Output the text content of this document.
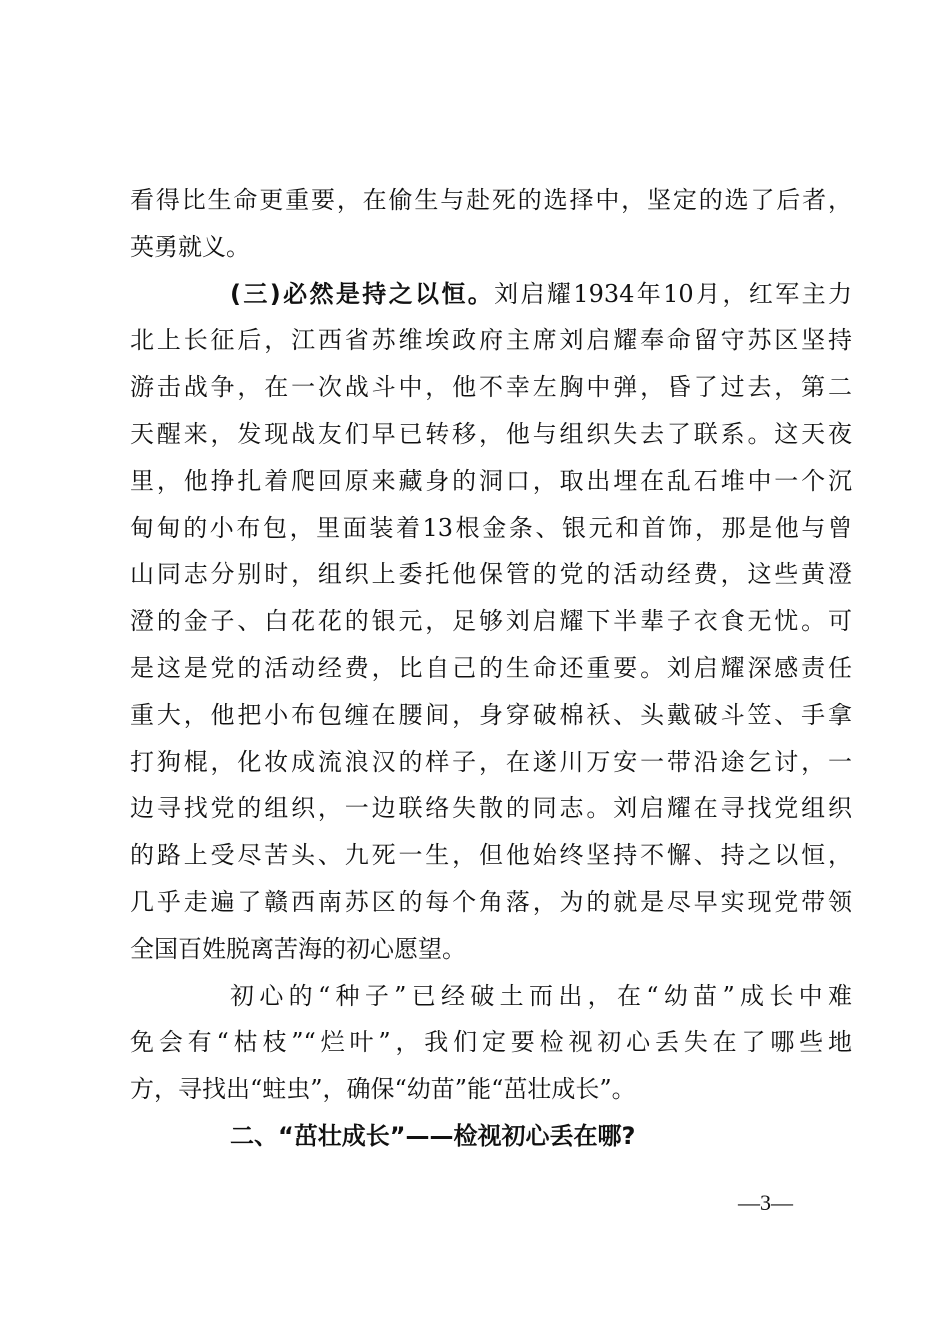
看得比生命更重要，在偷生与赴死的选择中，坚定的选了后者，
英勇就义。
(三)必然是持之以恒。刘启耀1934年10月，红军主力
北上长征后，江西省苏维埃政府主席刘启耀奉命留守苏区坚持
游击战争，在一次战斗中，他不幸左胸中弹，昏了过去，第二
天醒来，发现战友们早已转移，他与组织失去了联系。这天夜
里，他挣扎着爬回原来藏身的洞口，取出埋在乱石堆中一个沉
甸甸的小布包，里面装着13根金条、银元和首饰，那是他与曾
山同志分别时，组织上委托他保管的党的活动经费，这些黄澄
澄的金子、白花花的银元，足够刘启耀下半辈子衣食无忧。可
是这是党的活动经费，比自己的生命还重要。刘启耀深感责任
重大，他把小布包缠在腰间，身穿破棉袄、头戴破斗笠、手拿
打狗棍，化妆成流浪汉的样子，在遂川万安一带沿途乞讨，一
边寻找党的组织，一边联络失散的同志。刘启耀在寻找党组织
的路上受尽苦头、九死一生，但他始终坚持不懈、持之以恒，
几乎走遍了赣西南苏区的每个角落，为的就是尽早实现党带领
全国百姓脱离苦海的初心愿望。
初心的“种子”已经破土而出，在“幼苗”成长中难
免会有“枯枝”“烂叶”，我们定要检视初心丢失在了哪些地
方，寻找出“蛀虫”，确保“幼苗”能“茁壮成长”。
二、“茁壮成长”——检视初心丢在哪?
—3—
